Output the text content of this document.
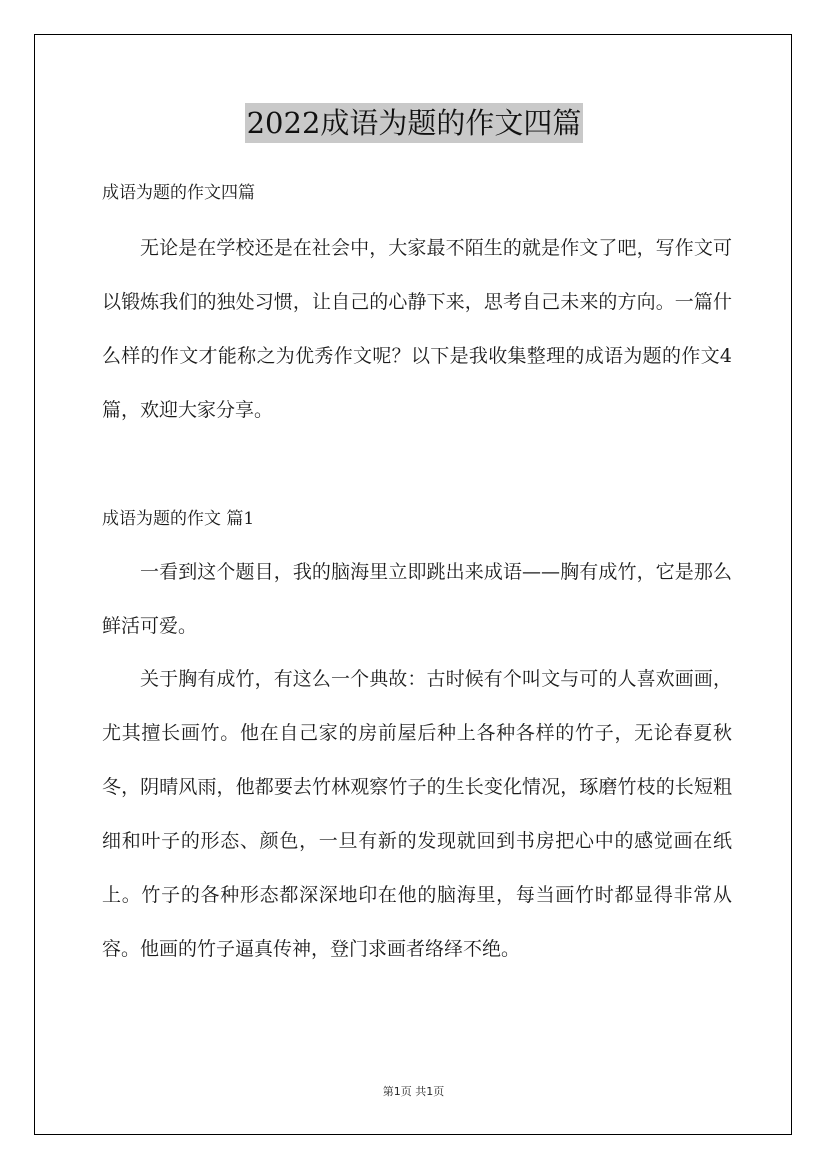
2022成语为题的作文四篇
成语为题的作文四篇

无论是在学校还是在社会中，大家最不陌生的就是作文了吧，写作文可以锻炼我们的独处习惯，让自己的心静下来，思考自己未来的方向。一篇什么样的作文才能称之为优秀作文呢？以下是我收集整理的成语为题的作文4篇，欢迎大家分享。

成语为题的作文 篇1

一看到这个题目，我的脑海里立即跳出来成语——胸有成竹，它是那么鲜活可爱。

关于胸有成竹，有这么一个典故：古时候有个叫文与可的人喜欢画画，尤其擅长画竹。他在自己家的房前屋后种上各种各样的竹子，无论春夏秋冬，阴晴风雨，他都要去竹林观察竹子的生长变化情况，琢磨竹枝的长短粗细和叶子的形态、颜色，一旦有新的发现就回到书房把心中的感觉画在纸上。竹子的各种形态都深深地印在他的脑海里，每当画竹时都显得非常从容。他画的竹子逼真传神，登门求画者络绎不绝。

第1页 共1页
